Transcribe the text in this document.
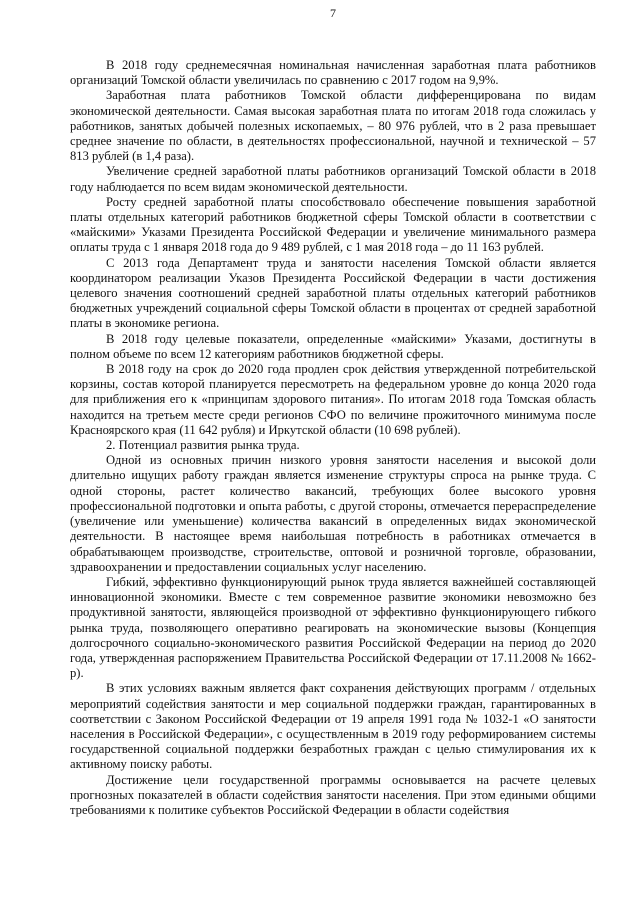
7

В 2018 году среднемесячная номинальная начисленная заработная плата работников организаций Томской области увеличилась по сравнению с 2017 годом на 9,9%.

Заработная плата работников Томской области дифференцирована по видам экономической деятельности. Самая высокая заработная плата по итогам 2018 года сложилась у работников, занятых добычей полезных ископаемых, – 80 976 рублей, что в 2 раза превышает среднее значение по области, в деятельностях профессиональной, научной и технической – 57 813 рублей (в 1,4 раза).

Увеличение средней заработной платы работников организаций Томской области в 2018 году наблюдается по всем видам экономической деятельности.

Росту средней заработной платы способствовало обеспечение повышения заработной платы отдельных категорий работников бюджетной сферы Томской области в соответствии с «майскими» Указами Президента Российской Федерации и увеличение минимального размера оплаты труда с 1 января 2018 года до 9 489 рублей, с 1 мая 2018 года – до 11 163 рублей.

С 2013 года Департамент труда и занятости населения Томской области является координатором реализации Указов Президента Российской Федерации в части достижения целевого значения соотношений средней заработной платы отдельных категорий работников бюджетных учреждений социальной сферы Томской области в процентах от средней заработной платы в экономике региона.

В 2018 году целевые показатели, определенные «майскими» Указами, достигнуты в полном объеме по всем 12 категориям работников бюджетной сферы.

В 2018 году на срок до 2020 года продлен срок действия утвержденной потребительской корзины, состав которой планируется пересмотреть на федеральном уровне до конца 2020 года для приближения его к «принципам здорового питания». По итогам 2018 года Томская область находится на третьем месте среди регионов СФО по величине прожиточного минимума после Красноярского края (11 642 рубля) и Иркутской области (10 698 рублей).

2. Потенциал развития рынка труда.

Одной из основных причин низкого уровня занятости населения и высокой доли длительно ищущих работу граждан является изменение структуры спроса на рынке труда. С одной стороны, растет количество вакансий, требующих более высокого уровня профессиональной подготовки и опыта работы, с другой стороны, отмечается перераспределение (увеличение или уменьшение) количества вакансий в определенных видах экономической деятельности. В настоящее время наибольшая потребность в работниках отмечается в обрабатывающем производстве, строительстве, оптовой и розничной торговле, образовании, здравоохранении и предоставлении социальных услуг населению.

Гибкий, эффективно функционирующий рынок труда является важнейшей составляющей инновационной экономики. Вместе с тем современное развитие экономики невозможно без продуктивной занятости, являющейся производной от эффективно функционирующего гибкого рынка труда, позволяющего оперативно реагировать на экономические вызовы (Концепция долгосрочного социально-экономического развития Российской Федерации на период до 2020 года, утвержденная распоряжением Правительства Российской Федерации от 17.11.2008 № 1662-р).

В этих условиях важным является факт сохранения действующих программ / отдельных мероприятий содействия занятости и мер социальной поддержки граждан, гарантированных в соответствии с Законом Российской Федерации от 19 апреля 1991 года № 1032-1 «О занятости населения в Российской Федерации», с осуществленным в 2019 году реформированием системы государственной социальной поддержки безработных граждан с целью стимулирования их к активному поиску работы.

Достижение цели государственной программы основывается на расчете целевых прогнозных показателей в области содействия занятости населения. При этом едиными общими требованиями к политике субъектов Российской Федерации в области содействия
